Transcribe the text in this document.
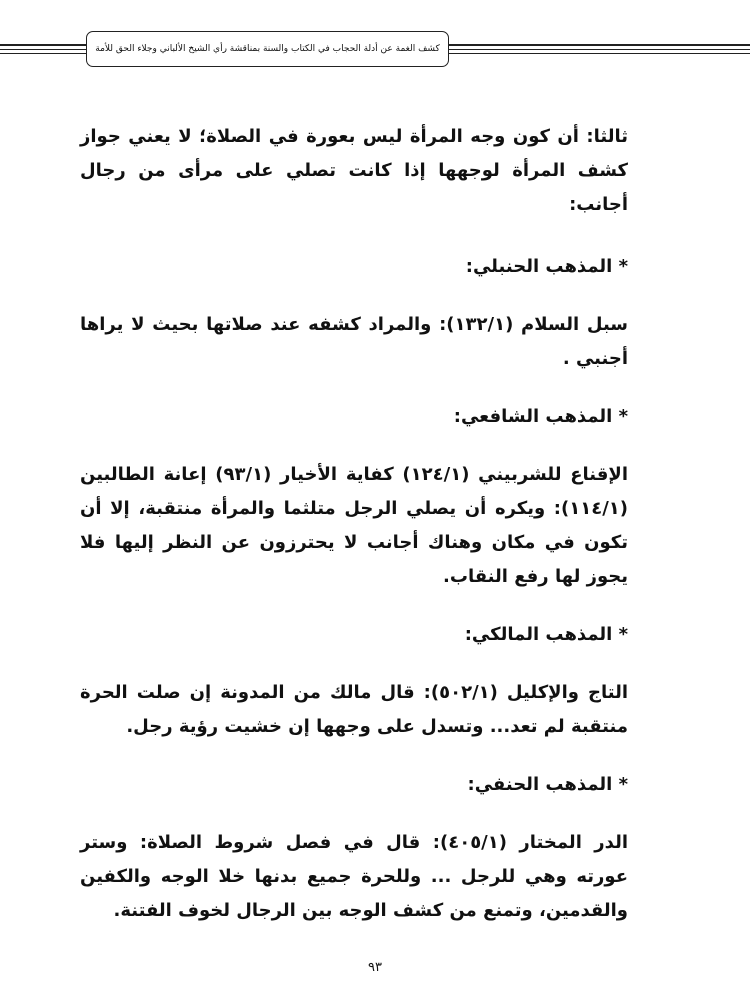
كشف الغمة عن أدلة الحجاب في الكتاب والسنة بمناقشة رأي الشيخ الألباني وجلاء الحق للأمة

ثالثا: أن كون وجه المرأة ليس بعورة في الصلاة؛ لا يعني جواز كشف المرأة لوجهها إذا كانت تصلي على مرأى من رجال أجانب:

* المذهب الحنبلي:

سبل السلام (١٣٢/١): والمراد كشفه عند صلاتها بحيث لا يراها أجنبي .

* المذهب الشافعي:

الإقناع للشربيني (١٢٤/١) كفاية الأخيار (٩٣/١) إعانة الطالبين (١١٤/١): ويكره أن يصلي الرجل متلثما والمرأة منتقبة، إلا أن تكون في مكان وهناك أجانب لا يحترزون عن النظر إليها فلا يجوز لها رفع النقاب.

* المذهب المالكي:

التاج والإكليل (٥٠٢/١): قال مالك من المدونة إن صلت الحرة منتقبة لم تعد... وتسدل على وجهها إن خشيت رؤية رجل.

* المذهب الحنفي:

الدر المختار (٤٠٥/١): قال في فصل شروط الصلاة: وستر عورته وهي للرجل ... وللحرة جميع بدنها خلا الوجه والكفين والقدمين، وتمنع من كشف الوجه بين الرجال لخوف الفتنة.

٩٣
